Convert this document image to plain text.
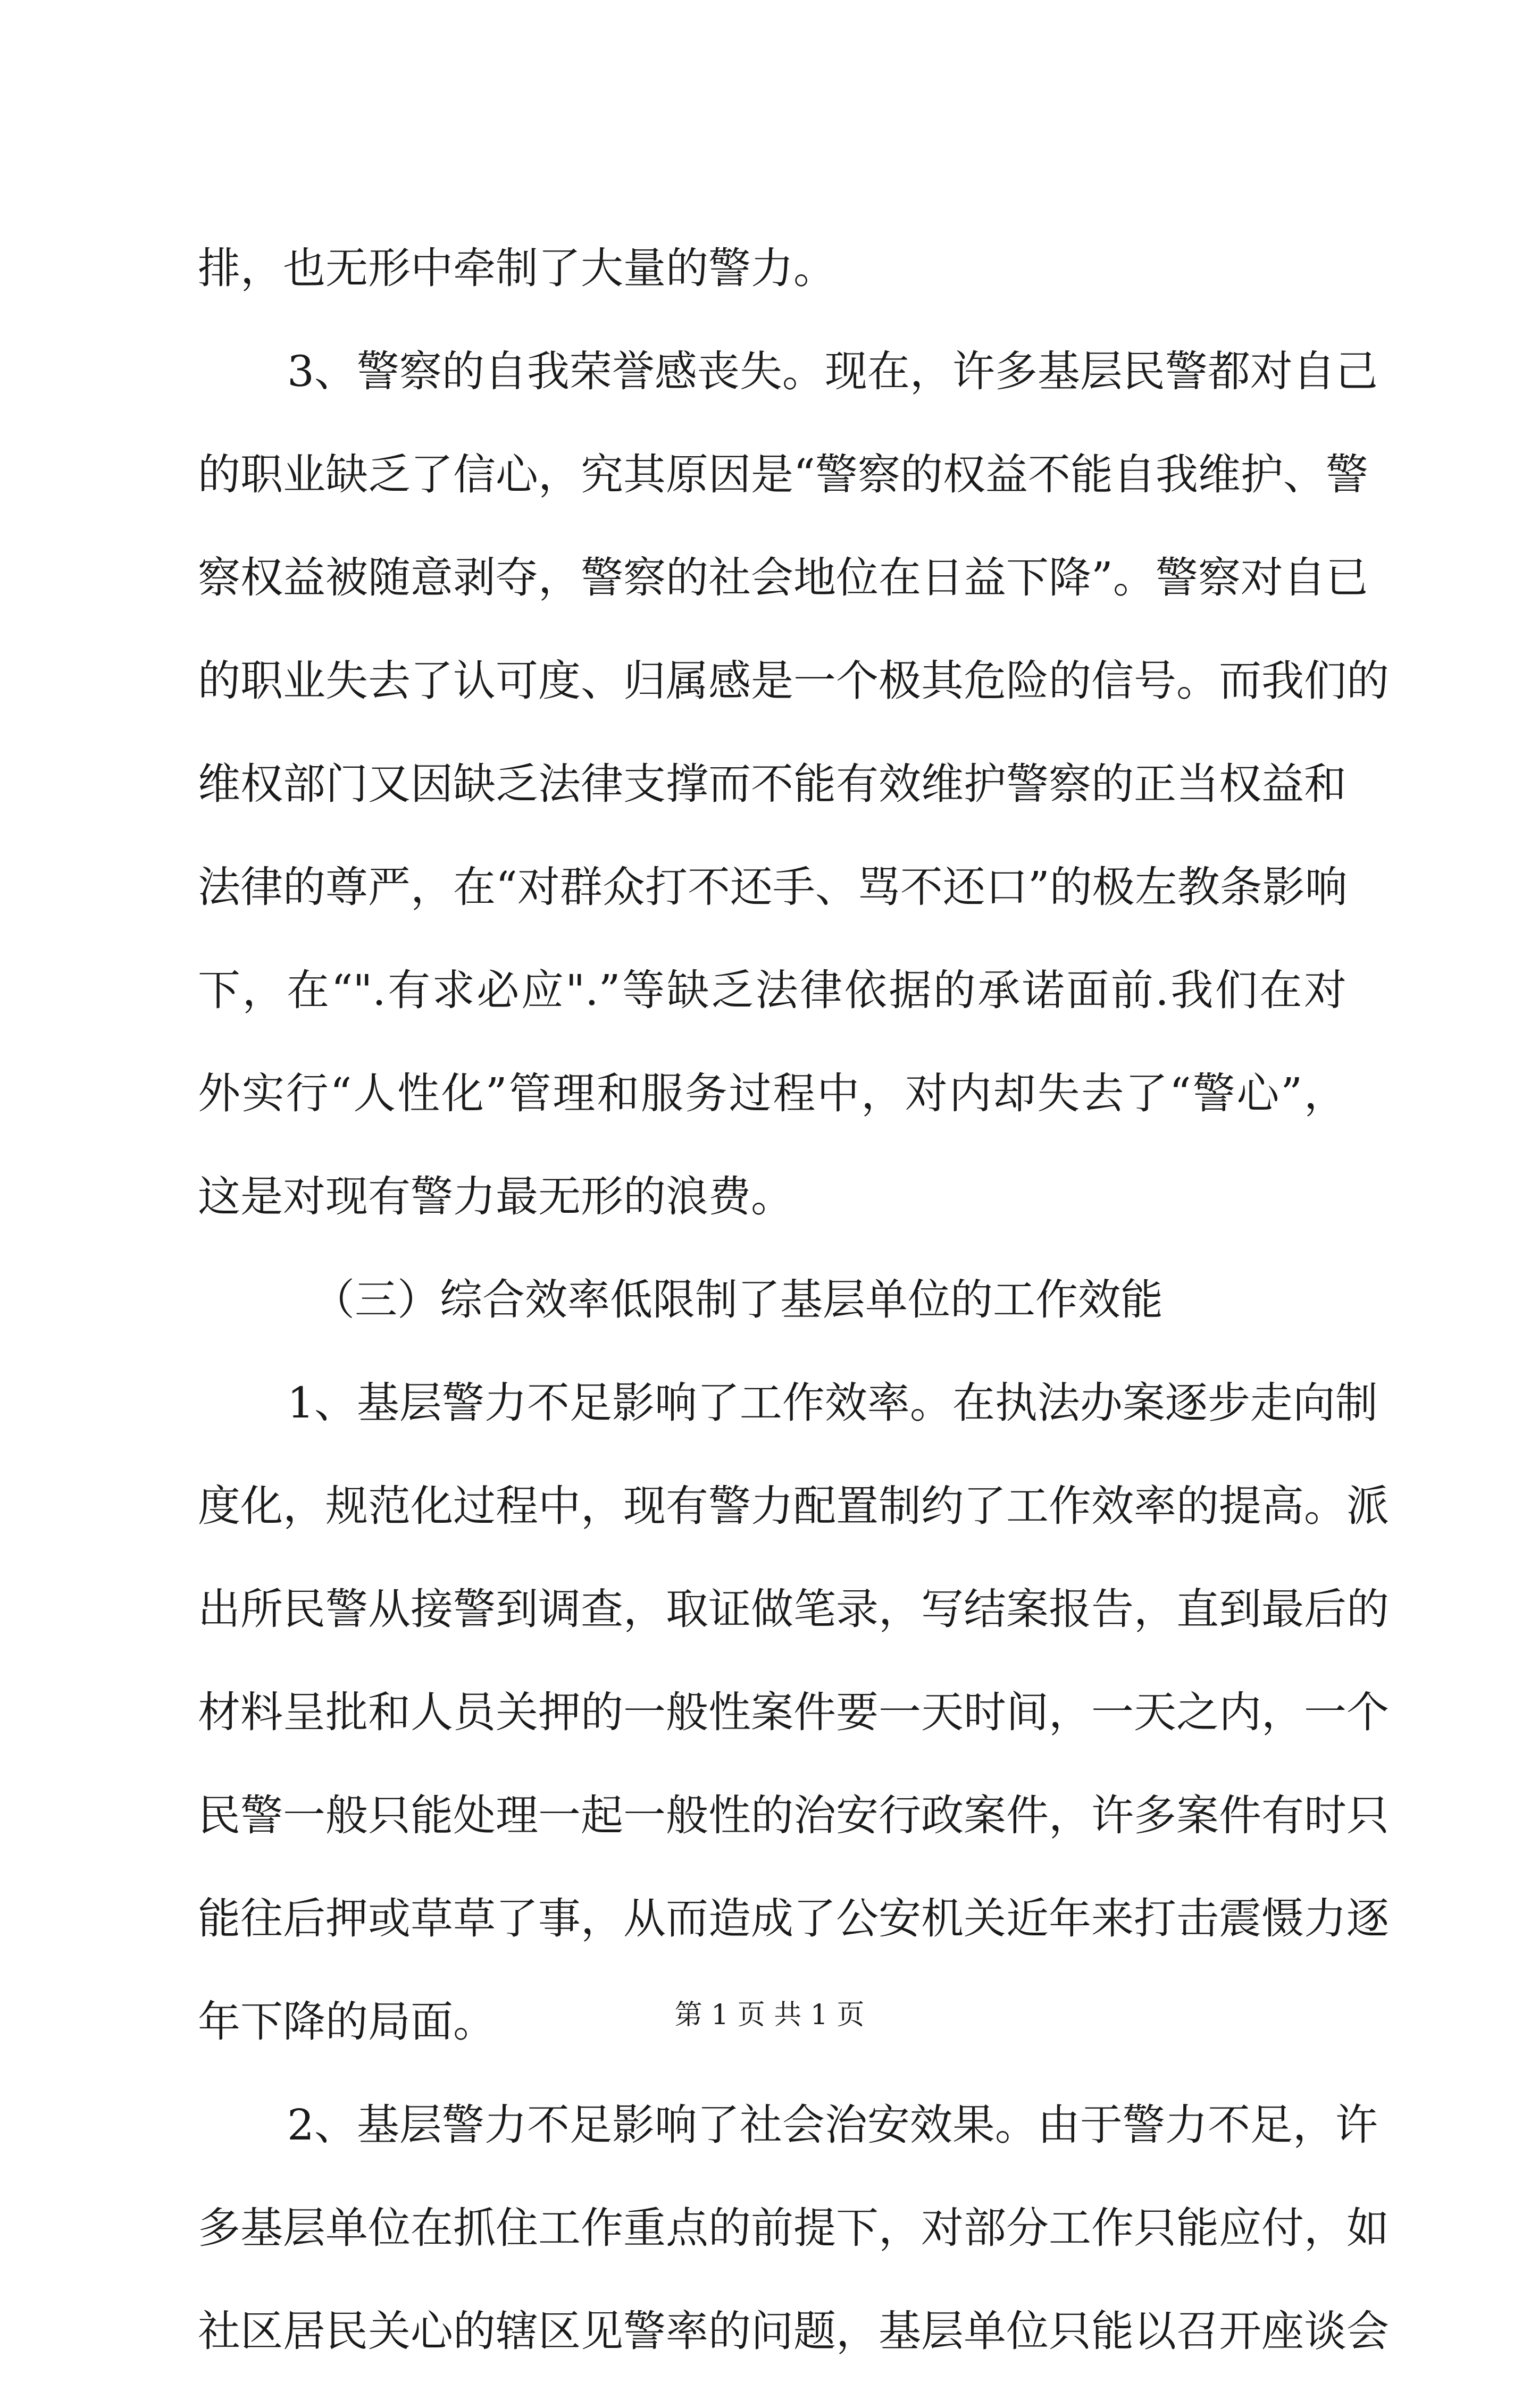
排，也无形中牵制了大量的警力。
3、警察的自我荣誉感丧失。现在，许多基层民警都对自己
的职业缺乏了信心，究其原因是“警察的权益不能自我维护、警
察权益被随意剥夺，警察的社会地位在日益下降”。警察对自已
的职业失去了认可度、归属感是一个极其危险的信号。而我们的
维权部门又因缺乏法律支撑而不能有效维护警察的正当权益和
法律的尊严，在“对群众打不还手、骂不还口”的极左教条影响
下，在“".有求必应".”等缺乏法律依据的承诺面前.我们在对
外实行“人性化”管理和服务过程中，对内却失去了“警心”，
这是对现有警力最无形的浪费。
（三）综合效率低限制了基层单位的工作效能
1、基层警力不足影响了工作效率。在执法办案逐步走向制
度化，规范化过程中，现有警力配置制约了工作效率的提高。派
出所民警从接警到调查，取证做笔录，写结案报告，直到最后的
材料呈批和人员关押的一般性案件要一天时间，一天之内，一个
民警一般只能处理一起一般性的治安行政案件，许多案件有时只
能往后押或草草了事，从而造成了公安机关近年来打击震慑力逐
年下降的局面。
2、基层警力不足影响了社会治安效果。由于警力不足，许
多基层单位在抓住工作重点的前提下，对部分工作只能应付，如
社区居民关心的辖区见警率的问题，基层单位只能以召开座谈会
第 1 页 共 1 页
